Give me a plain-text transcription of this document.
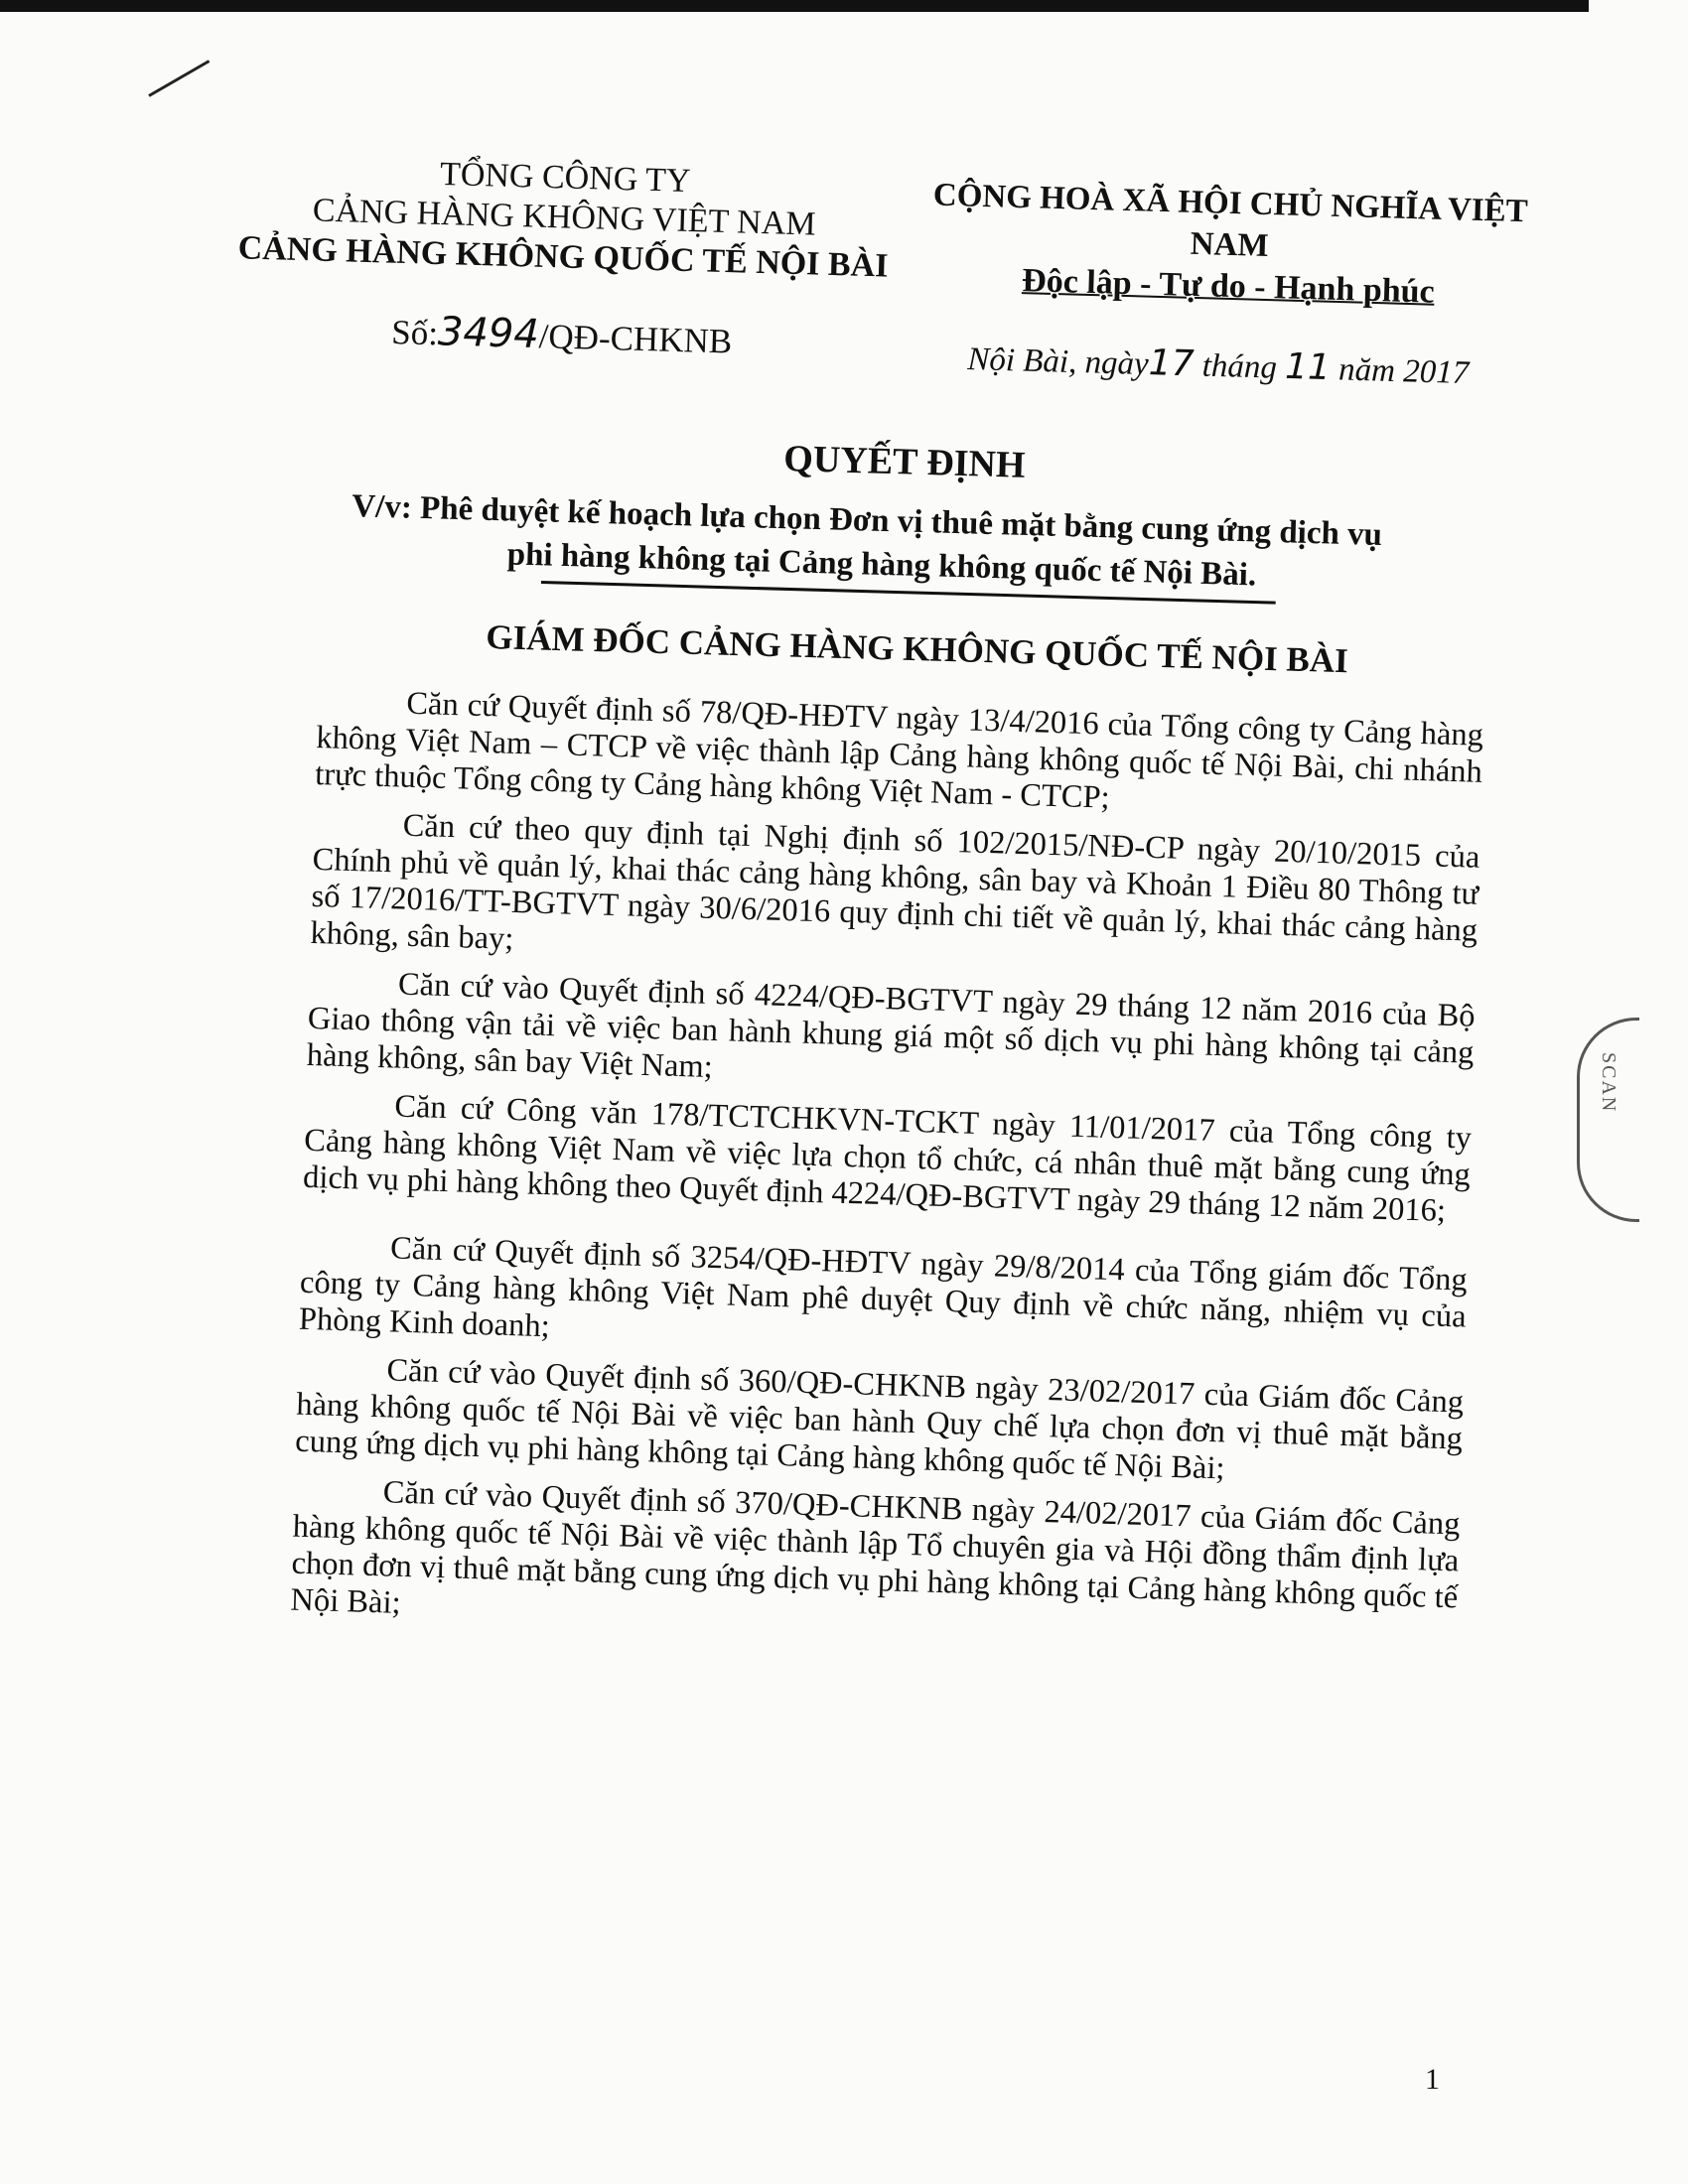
SCAN
TỔNG CÔNG TY
CẢNG HÀNG KHÔNG VIỆT NAM
CẢNG HÀNG KHÔNG QUỐC TẾ NỘI BÀI
CỘNG HOÀ XÃ HỘI CHỦ NGHĨA VIỆT NAM
Độc lập - Tự do - Hạnh phúc
Số:3494/QĐ-CHKNB
Nội Bài, ngày17 tháng 11 năm 2017
QUYẾT ĐỊNH
V/v: Phê duyệt kế hoạch lựa chọn Đơn vị thuê mặt bằng cung ứng dịch vụ
phi hàng không tại Cảng hàng không quốc tế Nội Bài.
GIÁM ĐỐC CẢNG HÀNG KHÔNG QUỐC TẾ NỘI BÀI

Căn cứ Quyết định số 78/QĐ-HĐTV ngày 13/4/2016 của Tổng công ty Cảng hàng không Việt Nam – CTCP về việc thành lập Cảng hàng không quốc tế Nội Bài, chi nhánh trực thuộc Tổng công ty Cảng hàng không Việt Nam - CTCP;

Căn cứ theo quy định tại Nghị định số 102/2015/NĐ-CP ngày 20/10/2015 của Chính phủ về quản lý, khai thác cảng hàng không, sân bay và Khoản 1 Điều 80 Thông tư số 17/2016/TT-BGTVT ngày 30/6/2016 quy định chi tiết về quản lý, khai thác cảng hàng không, sân bay;

Căn cứ vào Quyết định số 4224/QĐ-BGTVT ngày 29 tháng 12 năm 2016 của Bộ Giao thông vận tải về việc ban hành khung giá một số dịch vụ phi hàng không tại cảng hàng không, sân bay Việt Nam;

Căn cứ Công văn 178/TCTCHKVN-TCKT ngày 11/01/2017 của Tổng công ty Cảng hàng không Việt Nam về việc lựa chọn tổ chức, cá nhân thuê mặt bằng cung ứng dịch vụ phi hàng không theo Quyết định 4224/QĐ-BGTVT ngày 29 tháng 12 năm 2016;

Căn cứ Quyết định số 3254/QĐ-HĐTV ngày 29/8/2014 của Tổng giám đốc Tổng công ty Cảng hàng không Việt Nam phê duyệt Quy định về chức năng, nhiệm vụ của Phòng Kinh doanh;

Căn cứ vào Quyết định số 360/QĐ-CHKNB ngày 23/02/2017 của Giám đốc Cảng hàng không quốc tế Nội Bài về việc ban hành Quy chế lựa chọn đơn vị thuê mặt bằng cung ứng dịch vụ phi hàng không tại Cảng hàng không quốc tế Nội Bài;

Căn cứ vào Quyết định số 370/QĐ-CHKNB ngày 24/02/2017 của Giám đốc Cảng hàng không quốc tế Nội Bài về việc thành lập Tổ chuyên gia và Hội đồng thẩm định lựa chọn đơn vị thuê mặt bằng cung ứng dịch vụ phi hàng không tại Cảng hàng không quốc tế Nội Bài;

1
